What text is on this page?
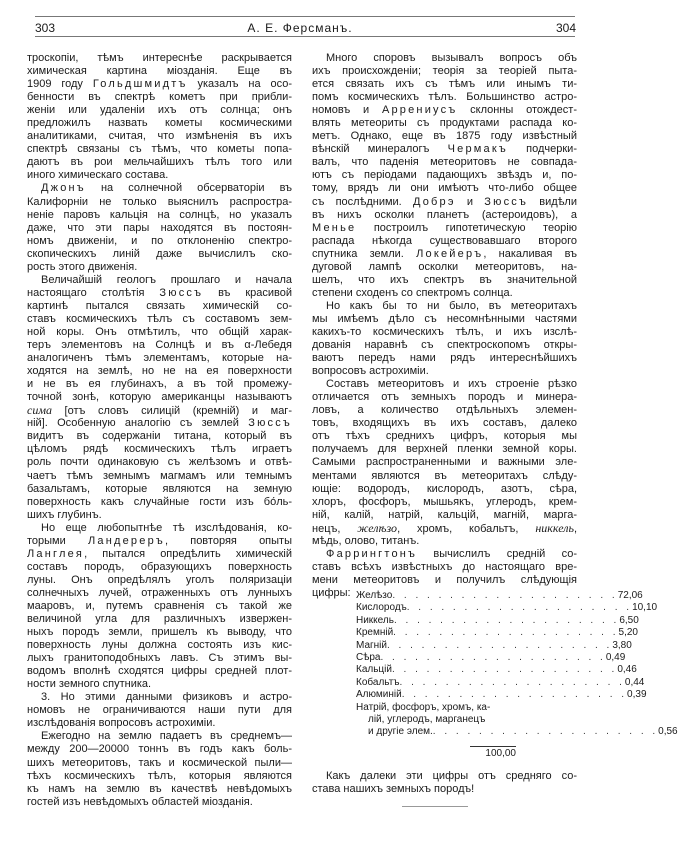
303	А. Е. Ферсманъ.	304
троскопіи, тѣмъ интереснѣе раскрывается
химическая картина міозданія. Еще въ
1909 году Гольдшмидтъ указалъ на осо-
бенности въ спектрѣ кометъ при прибли-
женіи или удаленіи ихъ отъ солнца; онъ
предложилъ назвать кометы космическими
аналитиками, считая, что измѣненія въ ихъ
спектрѣ связаны съ тѣмъ, что кометы попа-
даютъ въ рои мельчайшихъ тѣлъ того или
иного химическаго состава.
Джонъ на солнечной обсерваторіи въ
Калифорніи не только выяснилъ распростра-
неніе паровъ кальція на солнцѣ, но указалъ
даже, что эти пары находятся въ постоян-
номъ движеніи, и по отклоненію спектро-
скопическихъ линій даже вычислилъ ско-
рость этого движенія.
Величайшій геологъ прошлаго и начала
настоящаго столѣтія Зюссъ въ красивой
картинѣ пытался связать химическій со-
ставъ космическихъ тѣлъ съ составомъ зем-
ной коры. Онъ отмѣтилъ, что общій харак-
теръ элементовъ на Солнцѣ и въ α-Лебедя
аналогиченъ тѣмъ элементамъ, которые на-
ходятся на землѣ, но не на ея поверхности
и не въ ея глубинахъ, а въ той промежу-
точной зонѣ, которую американцы называютъ
сима [отъ словъ силицій (кремній) и маг-
ній]. Особенную аналогію съ землей Зюссъ
видитъ въ содержаніи титана, который въ
цѣломъ рядѣ космическихъ тѣлъ играетъ
роль почти одинаковую съ желѣзомъ и отвѣ-
чаетъ тѣмъ земнымъ магмамъ или темнымъ
базальтамъ, которые являются на земную
поверхность какъ случайные гости изъ бо́ль-
шихъ глубинъ.
Но еще любопытнѣе тѣ изслѣдованія, ко-
торыми Ландереръ, повторяя опыты
Ланглея, пытался опредѣлить химическій
составъ породъ, образующихъ поверхность
луны. Онъ опредѣлялъ уголъ поляризаціи
солнечныхъ лучей, отраженныхъ отъ лунныхъ
мааровъ, и, путемъ сравненія съ такой же
величиной угла для различныхъ извержен-
ныхъ породъ земли, пришелъ къ выводу, что
поверхность луны должна состоять изъ кис-
лыхъ гранитоподобныхъ лавъ. Съ этимъ вы-
водомъ вполнѣ сходятся цифры средней плот-
ности земного спутника.
3. Но этими данными физиковъ и астро-
номовъ не ограничиваются наши пути для
изслѣдованія вопросовъ астрохиміи.
Ежегодно на землю падаетъ въ среднемъ—
между 200—20000 тоннъ въ годъ какъ боль-
шихъ метеоритовъ, такъ и космической пыли—
тѣхъ космическихъ тѣлъ, которыя являются
къ намъ на землю въ качествѣ невѣдомыхъ
гостей изъ невѣдомыхъ областей міозданія.
Много споровъ вызывалъ вопросъ объ
ихъ происхожденіи; теорія за теоріей пыта-
ется связать ихъ съ тѣмъ или инымъ ти-
помъ космическихъ тѣлъ. Большинство астро-
номовъ и Аррениусъ склонны отождест-
влять метеориты съ продуктами распада ко-
метъ. Однако, еще въ 1875 году извѣстный
вѣнскій минералогъ Чермакъ подчерки-
валъ, что паденія метеоритовъ не совпада-
ютъ съ періодами падающихъ звѣздъ и, по-
тому, врядъ ли они имѣютъ что-либо общее
съ послѣдними. Добрэ и Зюссъ видѣли
въ нихъ осколки планетъ (астероидовъ), а
Менье построилъ гипотетическую теорію
распада нѣкогда существовавшаго второго
спутника земли. Локейеръ, накаливая въ
дуговой лампѣ осколки метеоритовъ, на-
шелъ, что ихъ спектръ въ значительной
степени сходенъ со спектромъ солнца.
Но какъ бы то ни было, въ метеоритахъ
мы имѣемъ дѣло съ несомнѣнными частями
какихъ-то космическихъ тѣлъ, и ихъ изслѣ-
дованія наравнѣ съ спектроскопомъ откры-
ваютъ передъ нами рядъ интереснѣйшихъ
вопросовъ астрохиміи.
Составъ метеоритовъ и ихъ строеніе рѣзко
отличается отъ земныхъ породъ и минера-
ловъ, а количество отдѣльныхъ элемен-
товъ, входящихъ въ ихъ составъ, далеко
отъ тѣхъ среднихъ цифръ, которыя мы
получаемъ для верхней пленки земной коры.
Самыми распространенными и важными эле-
ментами являются въ метеоритахъ слѣду-
ющіе: водородъ, кислородъ, азотъ, сѣра,
хлоръ, фосфоръ, мышьякъ, углеродъ, крем-
ній, калій, натрій, кальцій, магній, марга-
нецъ, желѣзо, хромъ, кобальтъ, никкель,
мѣдь, олово, титанъ.
Фаррингтонъ вычислилъ средній со-
ставъ всѣхъ извѣстныхъ до настоящаго вре-
мени метеоритовъ и получилъ слѣдующія
цифры: Желѣзо . . . . . . . . . . . . . . . . . . . . 72,06
Кислородъ . . . . . . . . . . . . . . . . . . . . 10,10
Никкель . . . . . . . . . . . . . . . . . . . . 6,50
Кремній . . . . . . . . . . . . . . . . . . . . 5,20
Магній . . . . . . . . . . . . . . . . . . . . 3,80
Сѣра . . . . . . . . . . . . . . . . . . . . 0,49
Кальцій . . . . . . . . . . . . . . . . . . . . 0,46
Кобальтъ . . . . . . . . . . . . . . . . . . . . 0,44
Алюминій . . . . . . . . . . . . . . . . . . . . 0,39
Натрій, фосфоръ, хромъ, ка-
лій, углеродъ, марганецъ
и другіе элем. . . . . . . . . . . . . . . . . . . . . 0,56
100,00
Какъ далеки эти цифры отъ средняго со-
става нашихъ земныхъ породъ!
